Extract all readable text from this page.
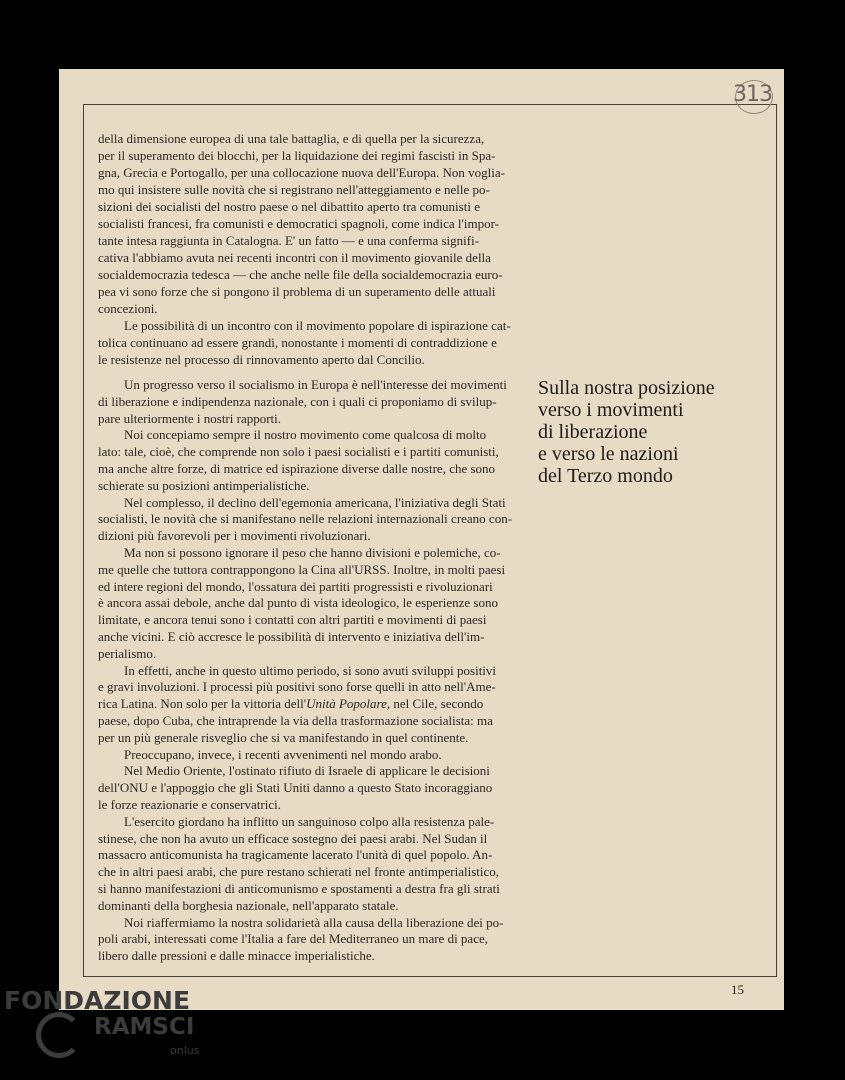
313
della dimensione europea di una tale battaglia, e di quella per la sicurezza,
per il superamento dei blocchi, per la liquidazione dei regimi fascisti in Spa-
gna, Grecia e Portogallo, per una collocazione nuova dell'Europa. Non voglia-
mo qui insistere sulle novità che si registrano nell'atteggiamento e nelle po-
sizioni dei socialisti del nostro paese o nel dibattito aperto tra comunisti e
socialisti francesi, fra comunisti e democratici spagnoli, come indica l'impor-
tante intesa raggiunta in Catalogna. E' un fatto — e una conferma signifi-
cativa l'abbiamo avuta nei recenti incontri con il movimento giovanile della
socialdemocrazia tedesca — che anche nelle file della socialdemocrazia euro-
pea vi sono forze che si pongono il problema di un superamento delle attuali
concezioni.
Le possibilità di un incontro con il movimento popolare di ispirazione cat-
tolica continuano ad essere grandi, nonostante i momenti di contraddizione e
le resistenze nel processo di rinnovamento aperto dal Concilio.
Sulla nostra posizione
verso i movimenti
di liberazione
e verso le nazioni
del Terzo mondo
Un progresso verso il socialismo in Europa è nell'interesse dei movimenti
di liberazione e indipendenza nazionale, con i quali ci proponiamo di svilup-
pare ulteriormente i nostri rapporti.
Noi concepiamo sempre il nostro movimento come qualcosa di molto
lato: tale, cioè, che comprende non solo i paesi socialisti e i partiti comunisti,
ma anche altre forze, di matrice ed ispirazione diverse dalle nostre, che sono
schierate su posizioni antimperialistiche.
Nel complesso, il declino dell'egemonia americana, l'iniziativa degli Stati
socialisti, le novità che si manifestano nelle relazioni internazionali creano con-
dizioni più favorevoli per i movimenti rivoluzionari.
Ma non si possono ignorare il peso che hanno divisioni e polemiche, co-
me quelle che tuttora contrappongono la Cina all'URSS. Inoltre, in molti paesi
ed intere regioni del mondo, l'ossatura dei partiti progressisti e rivoluzionari
è ancora assai debole, anche dal punto di vista ideologico, le esperienze sono
limitate, e ancora tenui sono i contatti con altri partiti e movimenti di paesi
anche vicini. E ciò accresce le possibilità di intervento e iniziativa dell'im-
perialismo.
In effetti, anche in questo ultimo periodo, si sono avuti sviluppi positivi
e gravi involuzioni. I processi più positivi sono forse quelli in atto nell'Ame-
rica Latina. Non solo per la vittoria dell'Unità Popolare, nel Cile, secondo
paese, dopo Cuba, che intraprende la via della trasformazione socialista: ma
per un più generale risveglio che si va manifestando in quel continente.
Preoccupano, invece, i recenti avvenimenti nel mondo arabo.
Nel Medio Oriente, l'ostinato rifiuto di Israele di applicare le decisioni
dell'ONU e l'appoggio che gli Stati Uniti danno a questo Stato incoraggiano
le forze reazionarie e conservatrici.
L'esercito giordano ha inflitto un sanguinoso colpo alla resistenza pale-
stinese, che non ha avuto un efficace sostegno dei paesi arabi. Nel Sudan il
massacro anticomunista ha tragicamente lacerato l'unità di quel popolo. An-
che in altri paesi arabi, che pure restano schierati nel fronte antimperialistico,
si hanno manifestazioni di anticomunismo e spostamenti a destra fra gli strati
dominanti della borghesia nazionale, nell'apparato statale.
Noi riaffermiamo la nostra solidarietà alla causa della liberazione dei po-
poli arabi, interessati come l'Italia a fare del Mediterraneo un mare di pace,
libero dalle pressioni e dalle minacce imperialistiche.
15
FONDAZIONE
RAMSCI
onlus
